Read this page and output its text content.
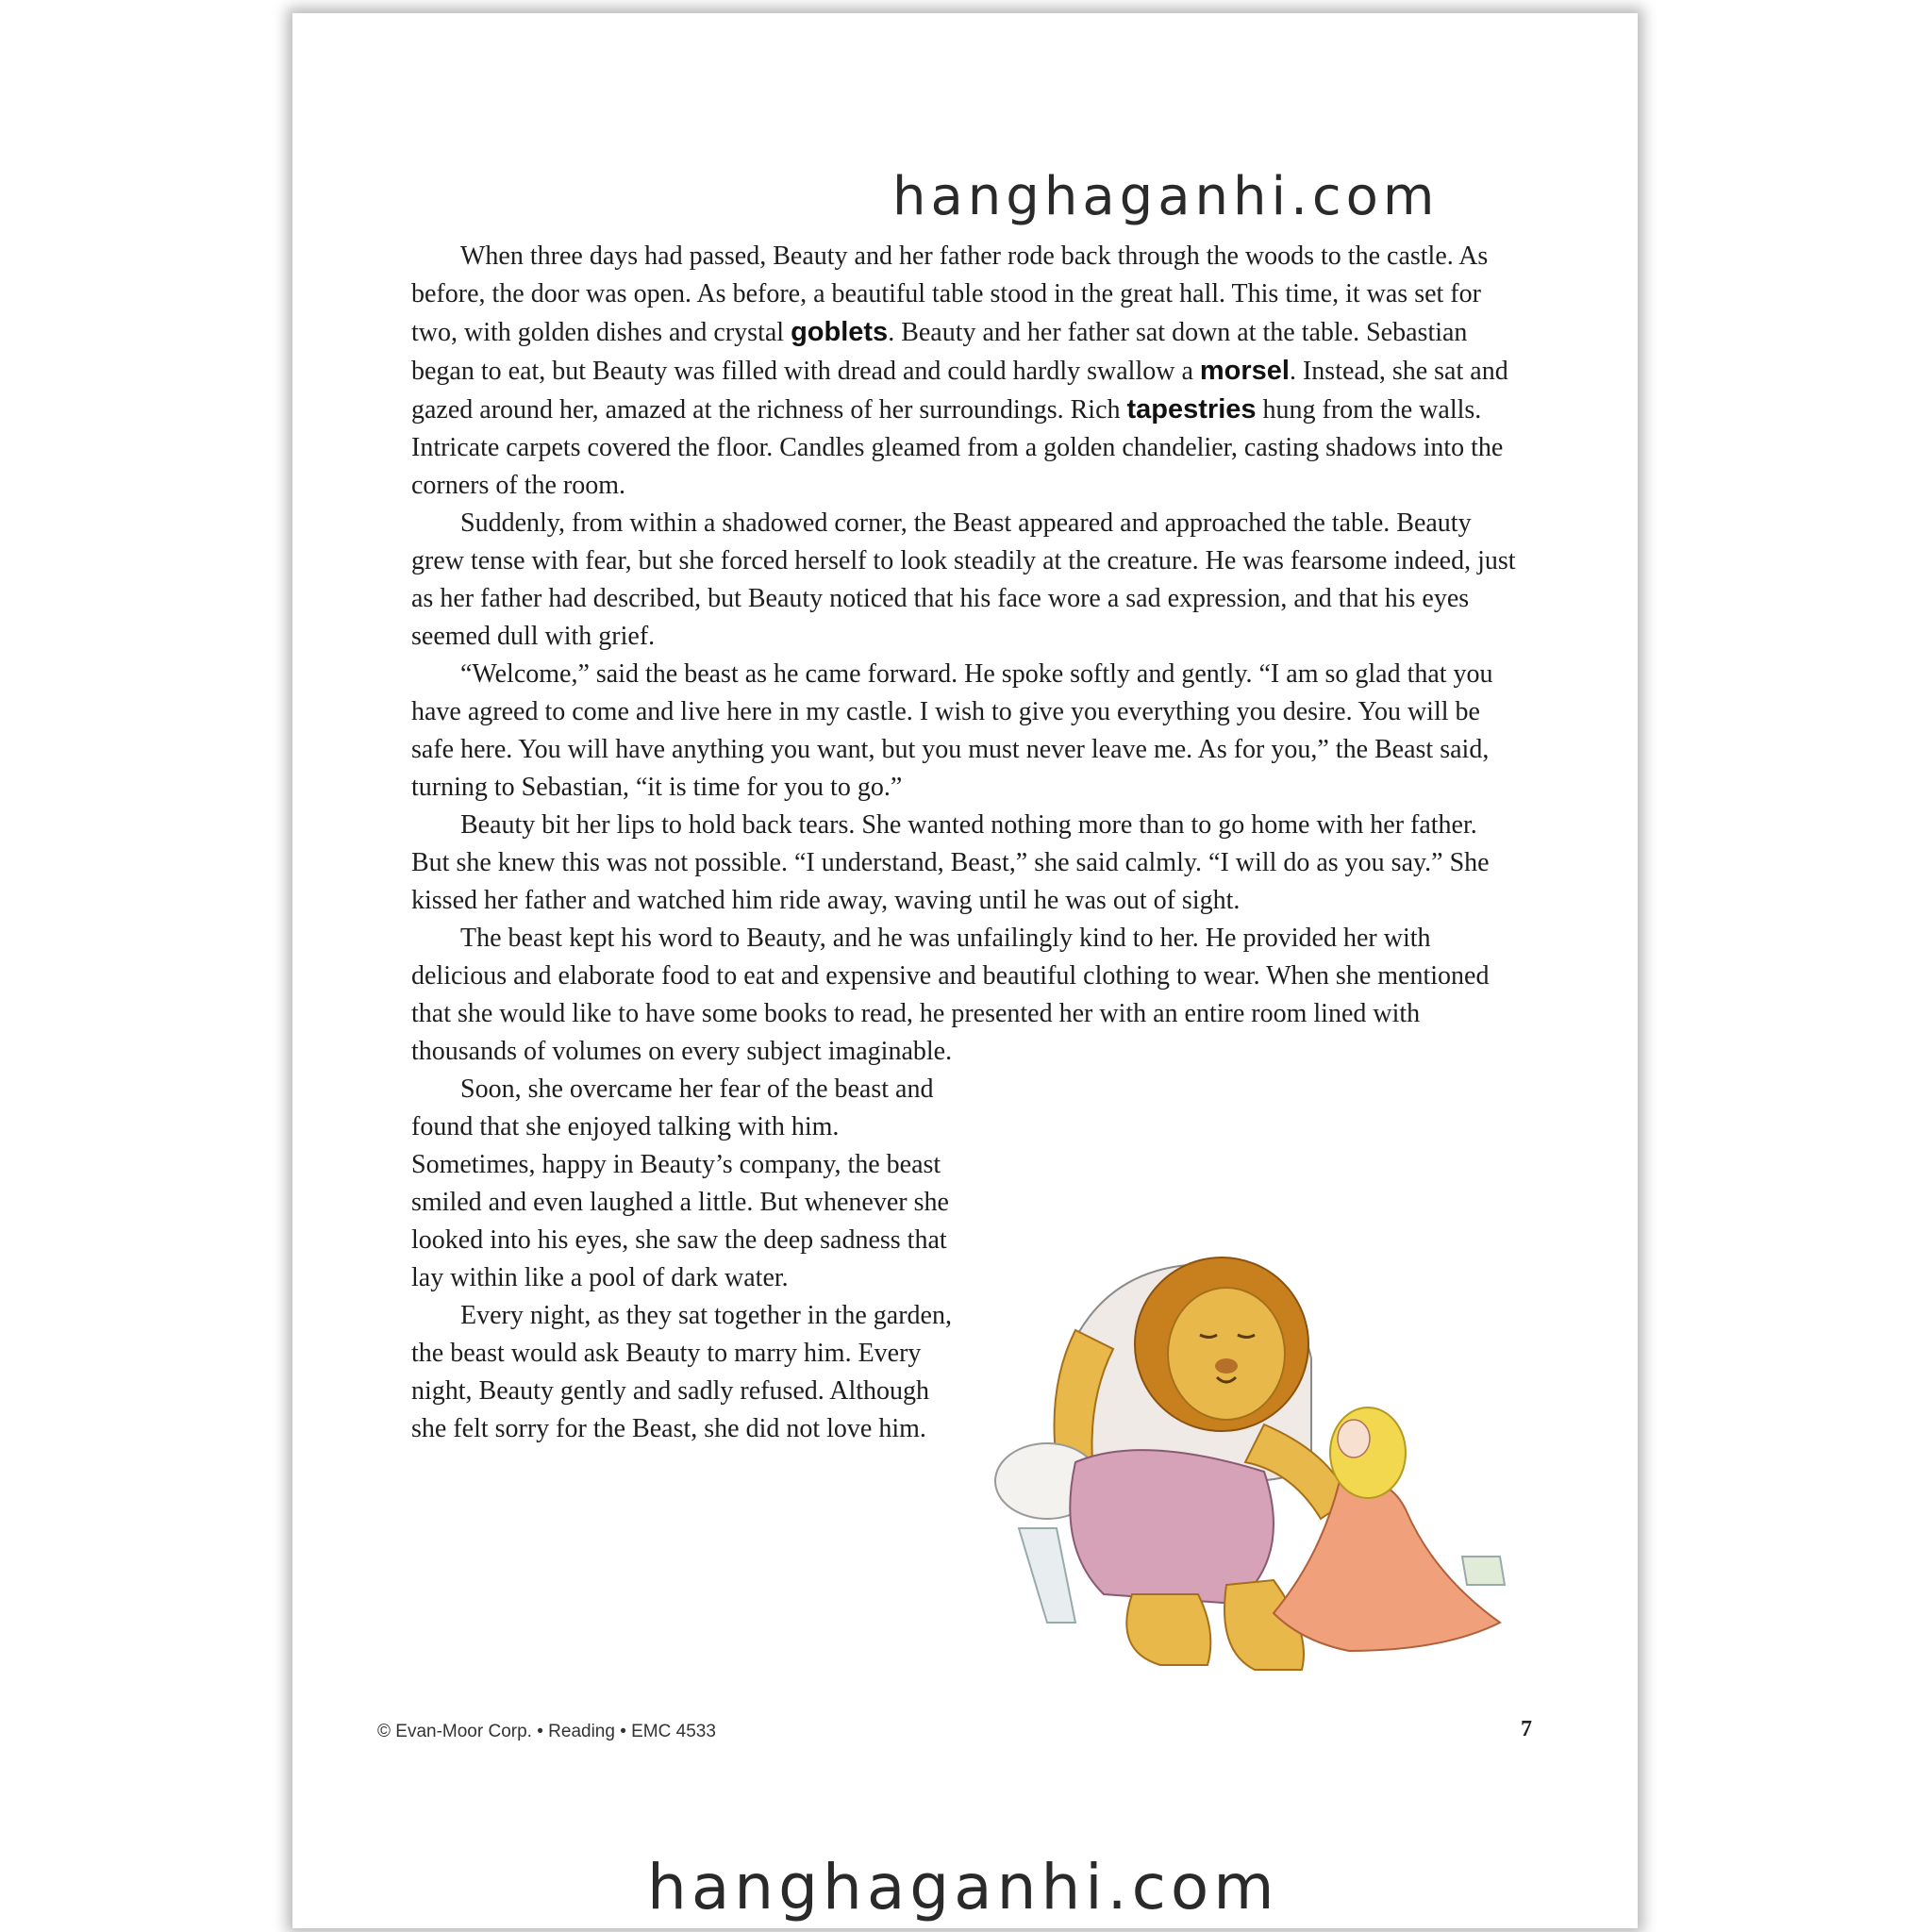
hanghaganhi.com

When three days had passed, Beauty and her father rode back through the woods to the castle. As before, the door was open. As before, a beautiful table stood in the great hall. This time, it was set for two, with golden dishes and crystal goblets. Beauty and her father sat down at the table. Sebastian began to eat, but Beauty was filled with dread and could hardly swallow a morsel. Instead, she sat and gazed around her, amazed at the richness of her surroundings. Rich tapestries hung from the walls. Intricate carpets covered the floor. Candles gleamed from a golden chandelier, casting shadows into the corners of the room.

Suddenly, from within a shadowed corner, the Beast appeared and approached the table. Beauty grew tense with fear, but she forced herself to look steadily at the creature. He was fearsome indeed, just as her father had described, but Beauty noticed that his face wore a sad expression, and that his eyes seemed dull with grief.

“Welcome,” said the beast as he came forward. He spoke softly and gently. “I am so glad that you have agreed to come and live here in my castle. I wish to give you everything you desire. You will be safe here. You will have anything you want, but you must never leave me. As for you,” the Beast said, turning to Sebastian, “it is time for you to go.”

Beauty bit her lips to hold back tears. She wanted nothing more than to go home with her father. But she knew this was not possible. “I understand, Beast,” she said calmly. “I will do as you say.” She kissed her father and watched him ride away, waving until he was out of sight.

The beast kept his word to Beauty, and he was unfailingly kind to her. He provided her with delicious and elaborate food to eat and expensive and beautiful clothing to wear. When she mentioned that she would like to have some books to read, he presented her with an entire room lined with thousands of volumes on every subject imaginable.

Soon, she overcame her fear of the beast and found that she enjoyed talking with him. Sometimes, happy in Beauty’s company, the beast smiled and even laughed a little. But whenever she looked into his eyes, she saw the deep sadness that lay within like a pool of dark water.

Every night, as they sat together in the garden, the beast would ask Beauty to marry him. Every night, Beauty gently and sadly refused. Although she felt sorry for the Beast, she did not love him.

© Evan-Moor Corp. • Reading • EMC 4533	7
hanghaganhi.com
